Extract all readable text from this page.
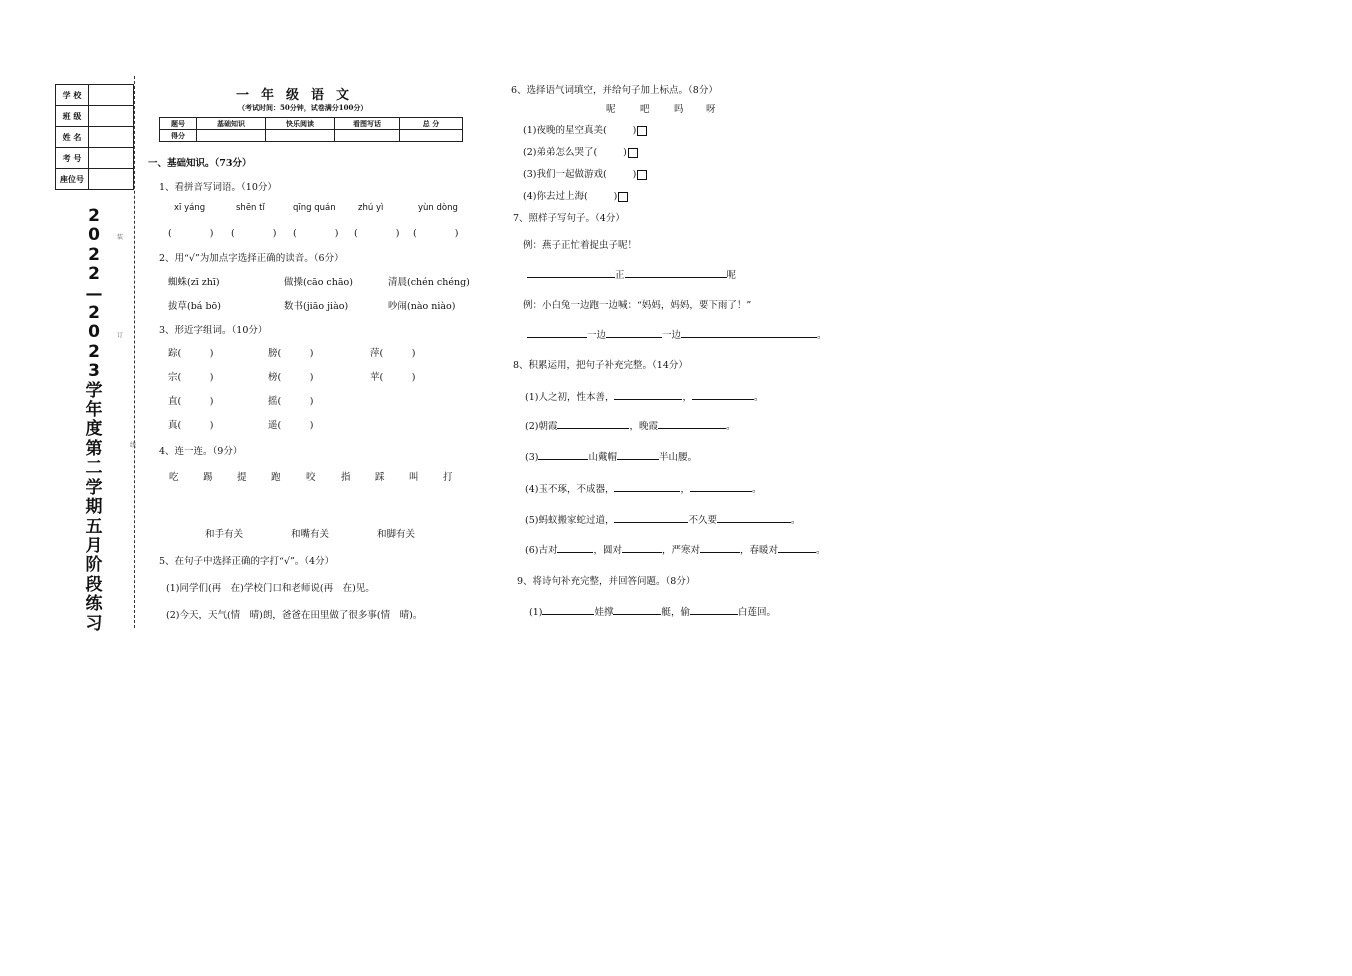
学 校	
班 级	
姓 名	
考 号	
座位号	
2022—2023学年度第二学期五月阶段练习
装
订
线
一年级语文
（考试时间：50分钟，试卷满分100分）
题号	基础知识	快乐阅读	看图写话	总 分
得分				
一、基础知识。（73分）
1、看拼音写词语。（10分）
xī yáng	shēn tǐ	qīng quán	zhú yì	yùn dòng
(　　　　) (　　　　) (　　　　) (　　　　) (　　　　)
2、用“√”为加点字选择正确的读音。（6分）
蜘蛛(zī zhī)	做操(cāo chāo)	清晨(chén chéng)
拔草(bá bō)	数书(jiāo jiào)	吵闹(nào niào)
3、形近字组词。（10分）
踪(　　　)	膀(　　　)	萍(　　　)
宗(　　　)	榜(　　　)	苹(　　　)
直(　　　)	摇(　　　)
真(　　　)	遥(　　　)
4、连一连。（9分）
吃	踢	提	跑	咬	指	踩	叫	打
和手有关	和嘴有关	和脚有关
5、在句子中选择正确的字打“√”。（4分）
(1)同学们(再　在)学校门口和老师说(再　在)见。
(2)今天，天气(情　晴)朗，爸爸在田里做了很多事(情　晴)。
6、选择语气词填空，并给句子加上标点。（8分）
呢	吧	吗 呀
(1)夜晚的星空真美(	)
(2)弟弟怎么哭了(	)
(3)我们一起做游戏(	)
(4)你去过上海(	)
7、照样子写句子。（4分）
例：燕子正忙着捉虫子呢！
正	呢
例：小白兔一边跑一边喊：“妈妈，妈妈，要下雨了！”
一边	一边	。
8、积累运用，把句子补充完整。（14分）
(1)人之初，性本善，	，	。
(2)朝霞	，晚霞	。
(3)	山戴帽	半山腰。
(4)玉不琢，不成器，	，	。
(5)蚂蚁搬家蛇过道，	不久要	。
(6)古对	，圆对	，严寒对	，春暖对	。
9、将诗句补充完整，并回答问题。（8分）
(1)	娃撑	艇，偷	白莲回。
